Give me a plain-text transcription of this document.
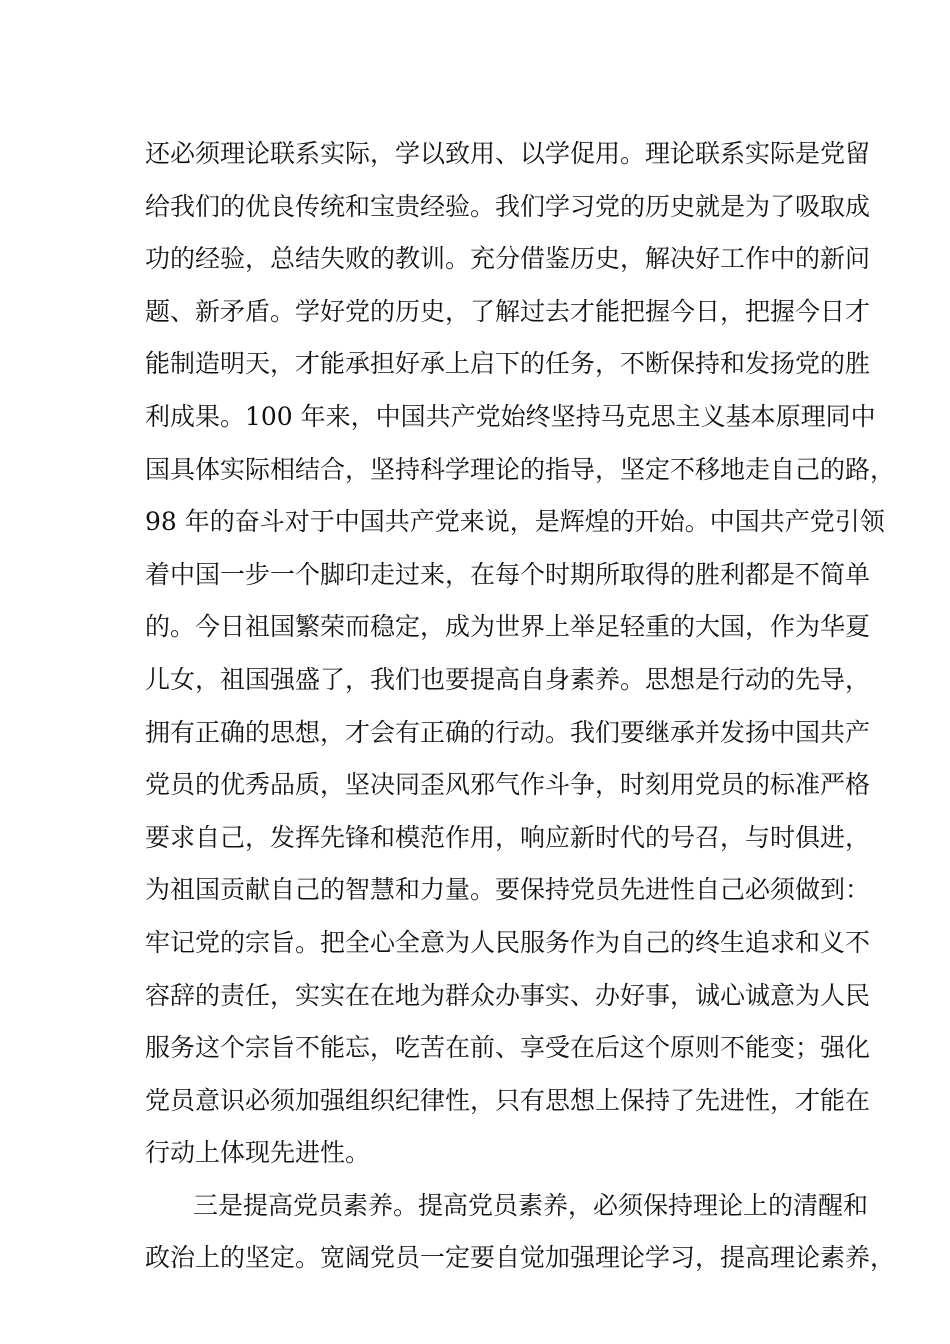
还必须理论联系实际，学以致用、以学促用。理论联系实际是党留
给我们的优良传统和宝贵经验。我们学习党的历史就是为了吸取成
功的经验，总结失败的教训。充分借鉴历史，解决好工作中的新问
题、新矛盾。学好党的历史，了解过去才能把握今日，把握今日才
能制造明天，才能承担好承上启下的任务，不断保持和发扬党的胜
利成果。100 年来，中国共产党始终坚持马克思主义基本原理同中
国具体实际相结合，坚持科学理论的指导，坚定不移地走自己的路，
98 年的奋斗对于中国共产党来说，是辉煌的开始。中国共产党引领
着中国一步一个脚印走过来，在每个时期所取得的胜利都是不简单
的。今日祖国繁荣而稳定，成为世界上举足轻重的大国，作为华夏
儿女，祖国强盛了，我们也要提高自身素养。思想是行动的先导，
拥有正确的思想，才会有正确的行动。我们要继承并发扬中国共产
党员的优秀品质，坚决同歪风邪气作斗争，时刻用党员的标准严格
要求自己，发挥先锋和模范作用，响应新时代的号召，与时俱进，
为祖国贡献自己的智慧和力量。要保持党员先进性自己必须做到：
牢记党的宗旨。把全心全意为人民服务作为自己的终生追求和义不
容辞的责任，实实在在地为群众办事实、办好事，诚心诚意为人民
服务这个宗旨不能忘，吃苦在前、享受在后这个原则不能变；强化
党员意识必须加强组织纪律性，只有思想上保持了先进性，才能在
行动上体现先进性。
三是提高党员素养。提高党员素养，必须保持理论上的清醒和
政治上的坚定。宽阔党员一定要自觉加强理论学习，提高理论素养，
